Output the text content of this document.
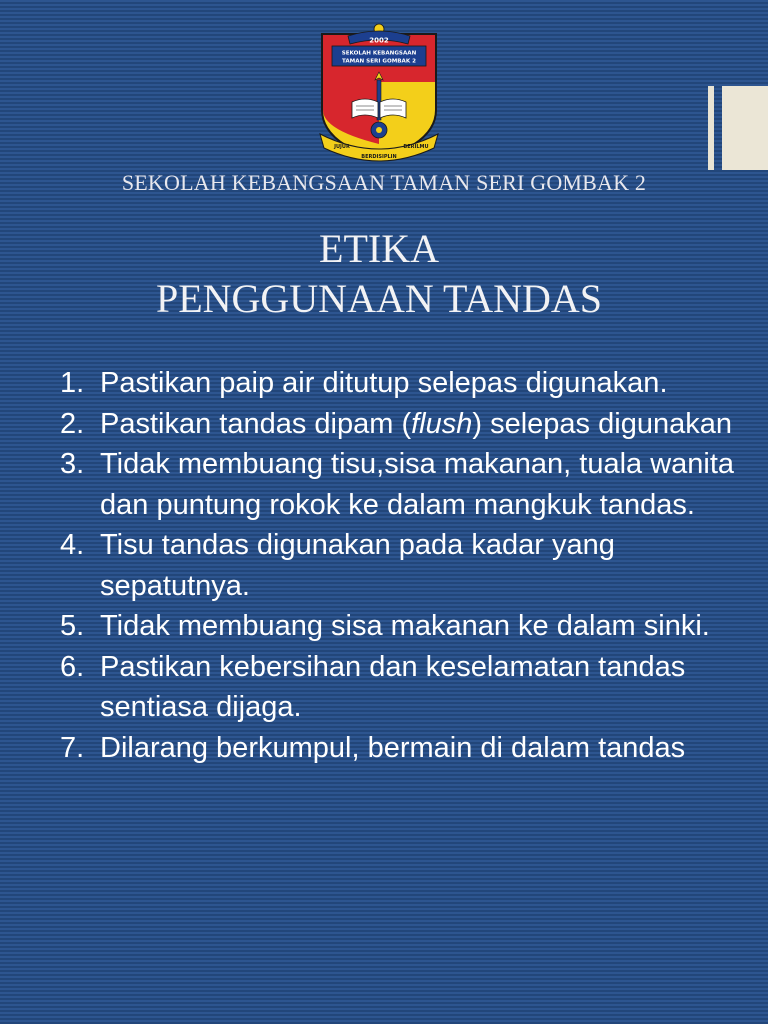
2002
SEKOLAH KEBANGSAAN
TAMAN SERI GOMBAK 2
JUJUR
BERDISIPLIN
BERILMU
SEKOLAH KEBANGSAAN TAMAN SERI GOMBAK 2
ETIKA
PENGGUNAAN TANDAS
1. Pastikan paip air ditutup selepas digunakan.
2. Pastikan tandas dipam (flush) selepas digunakan
3. Tidak membuang tisu,sisa makanan, tuala wanita dan puntung rokok ke dalam mangkuk tandas.
4. Tisu tandas digunakan pada kadar yang sepatutnya.
5. Tidak membuang sisa makanan ke dalam sinki.
6. Pastikan kebersihan dan keselamatan tandas sentiasa dijaga.
7. Dilarang berkumpul, bermain di dalam tandas
